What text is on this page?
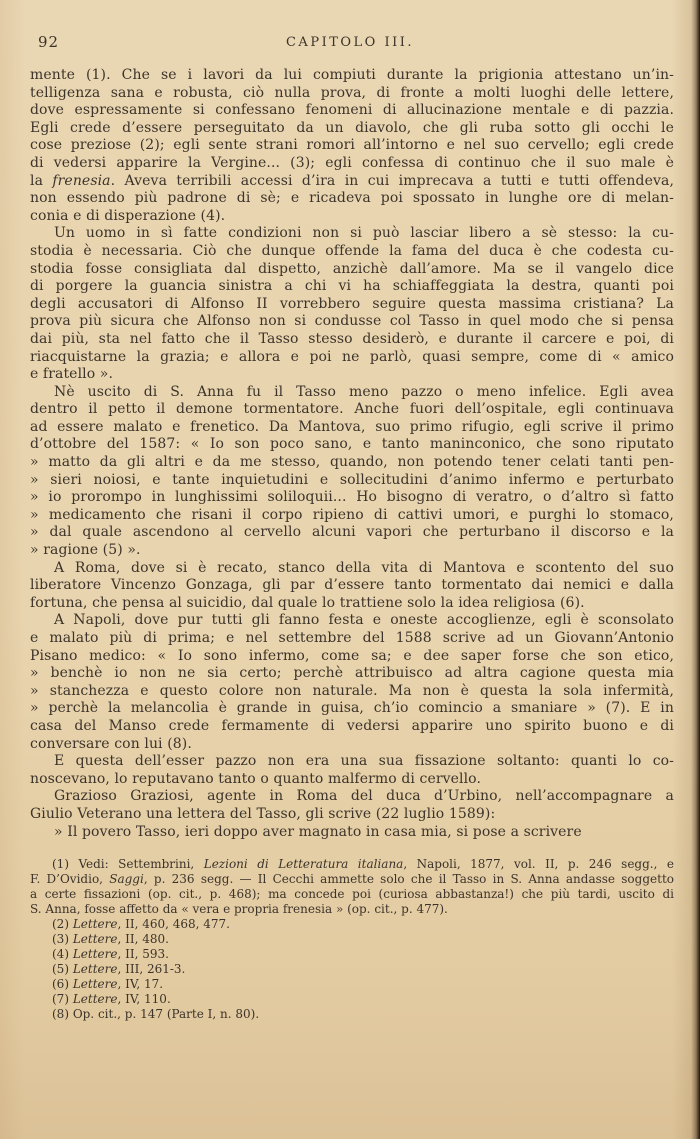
92	CAPITOLO III.
mente (1). Che se i lavori da lui compiuti durante la prigionia attestano un’in-
telligenza sana e robusta, ciò nulla prova, di fronte a molti luoghi delle lettere,
dove espressamente si confessano fenomeni di allucinazione mentale e di pazzia.
Egli crede d’essere perseguitato da un diavolo, che gli ruba sotto gli occhi le
cose preziose (2); egli sente strani romori all’intorno e nel suo cervello; egli crede
di vedersi apparire la Vergine... (3); egli confessa di continuo che il suo male è
la frenesia. Aveva terribili accessi d’ira in cui imprecava a tutti e tutti offendeva,
non essendo più padrone di sè; e ricadeva poi spossato in lunghe ore di melan-
conia e di disperazione (4).
Un uomo in sì fatte condizioni non si può lasciar libero a sè stesso: la cu-
stodia è necessaria. Ciò che dunque offende la fama del duca è che codesta cu-
stodia fosse consigliata dal dispetto, anzichè dall’amore. Ma se il vangelo dice
di porgere la guancia sinistra a chi vi ha schiaffeggiata la destra, quanti poi
degli accusatori di Alfonso II vorrebbero seguire questa massima cristiana? La
prova più sicura che Alfonso non si condusse col Tasso in quel modo che si pensa
dai più, sta nel fatto che il Tasso stesso desiderò, e durante il carcere e poi, di
riacquistarne la grazia; e allora e poi ne parlò, quasi sempre, come di « amico
e fratello ».
Nè uscito di S. Anna fu il Tasso meno pazzo o meno infelice. Egli avea
dentro il petto il demone tormentatore. Anche fuori dell’ospitale, egli continuava
ad essere malato e frenetico. Da Mantova, suo primo rifugio, egli scrive il primo
d’ottobre del 1587: « Io son poco sano, e tanto maninconico, che sono riputato
» matto da gli altri e da me stesso, quando, non potendo tener celati tanti pen-
» sieri noiosi, e tante inquietudini e sollecitudini d’animo infermo e perturbato
» io prorompo in lunghissimi soliloquii... Ho bisogno di veratro, o d’altro sì fatto
» medicamento che risani il corpo ripieno di cattivi umori, e purghi lo stomaco,
» dal quale ascendono al cervello alcuni vapori che perturbano il discorso e la
» ragione (5) ».
A Roma, dove si è recato, stanco della vita di Mantova e scontento del suo
liberatore Vincenzo Gonzaga, gli par d’essere tanto tormentato dai nemici e dalla
fortuna, che pensa al suicidio, dal quale lo trattiene solo la idea religiosa (6).
A Napoli, dove pur tutti gli fanno festa e oneste accoglienze, egli è sconsolato
e malato più di prima; e nel settembre del 1588 scrive ad un Giovann’Antonio
Pisano medico: « Io sono infermo, come sa; e dee saper forse che son etico,
» benchè io non ne sia certo; perchè attribuisco ad altra cagione questa mia
» stanchezza e questo colore non naturale. Ma non è questa la sola infermità,
» perchè la melancolia è grande in guisa, ch’io comincio a smaniare » (7). E in
casa del Manso crede fermamente di vedersi apparire uno spirito buono e di
conversare con lui (8).
E questa dell’esser pazzo non era una sua fissazione soltanto: quanti lo co-
noscevano, lo reputavano tanto o quanto malfermo di cervello.
Grazioso Graziosi, agente in Roma del duca d’Urbino, nell’accompagnare a
Giulio Veterano una lettera del Tasso, gli scrive (22 luglio 1589):
» Il povero Tasso, ieri doppo aver magnato in casa mia, si pose a scrivere
(1) Vedi: Settembrini, Lezioni di Letteratura italiana, Napoli, 1877, vol. II, p. 246 segg., e
F. D’Ovidio, Saggi, p. 236 segg. — Il Cecchi ammette solo che il Tasso in S. Anna andasse soggetto
a certe fissazioni (op. cit., p. 468); ma concede poi (curiosa abbastanza!) che più tardi, uscito di
S. Anna, fosse affetto da « vera e propria frenesia » (op. cit., p. 477).
(2) Lettere, II, 460, 468, 477.
(3) Lettere, II, 480.
(4) Lettere, II, 593.
(5) Lettere, III, 261-3.
(6) Lettere, IV, 17.
(7) Lettere, IV, 110.
(8) Op. cit., p. 147 (Parte I, n. 80).
